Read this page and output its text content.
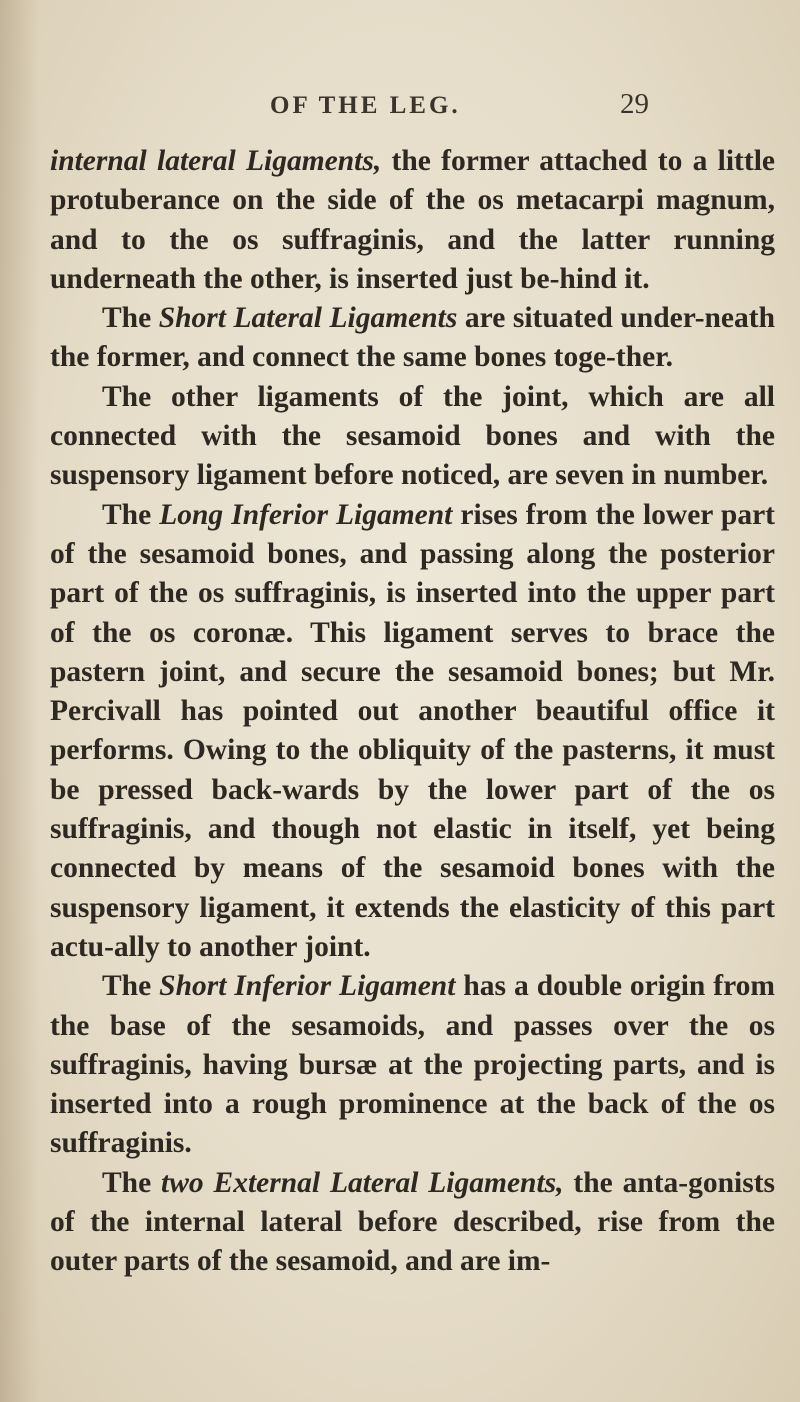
OF THE LEG.	29

internal lateral Ligaments, the former attached to a little protuberance on the side of the os metacarpi magnum, and to the os suffraginis, and the latter running underneath the other, is inserted just be-hind it.

The Short Lateral Ligaments are situated under-neath the former, and connect the same bones toge-ther.

The other ligaments of the joint, which are all connected with the sesamoid bones and with the suspensory ligament before noticed, are seven in number.

The Long Inferior Ligament rises from the lower part of the sesamoid bones, and passing along the posterior part of the os suffraginis, is inserted into the upper part of the os coronæ. This ligament serves to brace the pastern joint, and secure the sesamoid bones; but Mr. Percivall has pointed out another beautiful office it performs. Owing to the obliquity of the pasterns, it must be pressed back-wards by the lower part of the os suffraginis, and though not elastic in itself, yet being connected by means of the sesamoid bones with the suspensory ligament, it extends the elasticity of this part actu-ally to another joint.

The Short Inferior Ligament has a double origin from the base of the sesamoids, and passes over the os suffraginis, having bursæ at the projecting parts, and is inserted into a rough prominence at the back of the os suffraginis.

The two External Lateral Ligaments, the anta-gonists of the internal lateral before described, rise from the outer parts of the sesamoid, and are im-
